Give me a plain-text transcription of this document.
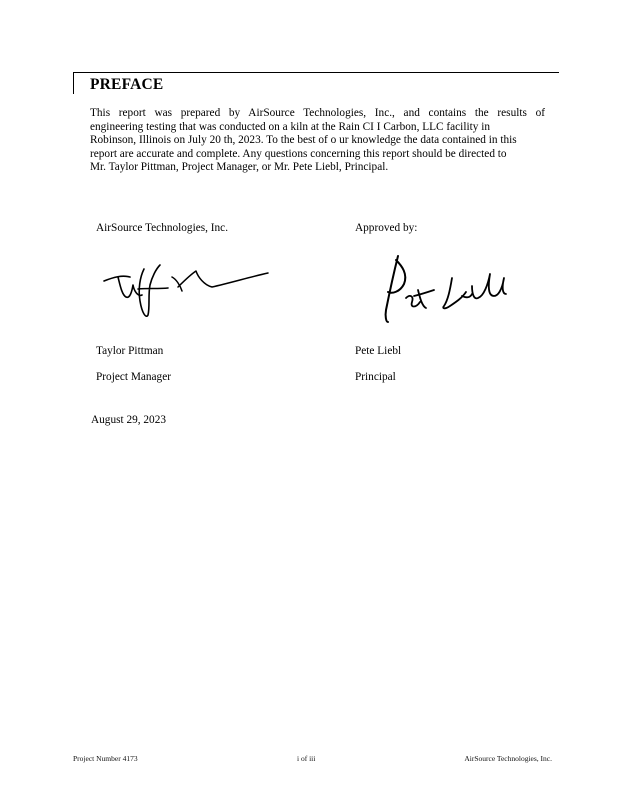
PREFACE
This report was prepared by AirSource Technologies, Inc., and contains the results of
engineering testing that was conducted on a kiln at the Rain CI I Carbon, LLC facility in
Robinson, Illinois on July 20 th, 2023. To the best of o ur knowledge the data contained in this
report are accurate and complete. Any questions concerning this report should be directed to
Mr. Taylor Pittman, Project Manager, or Mr. Pete Liebl, Principal.
AirSource Technologies, Inc.	Approved by:
Taylor Pittman	Pete Liebl
Project Manager	Principal
August 29, 2023
Project Number 4173	i of iii	AirSource Technologies, Inc.
